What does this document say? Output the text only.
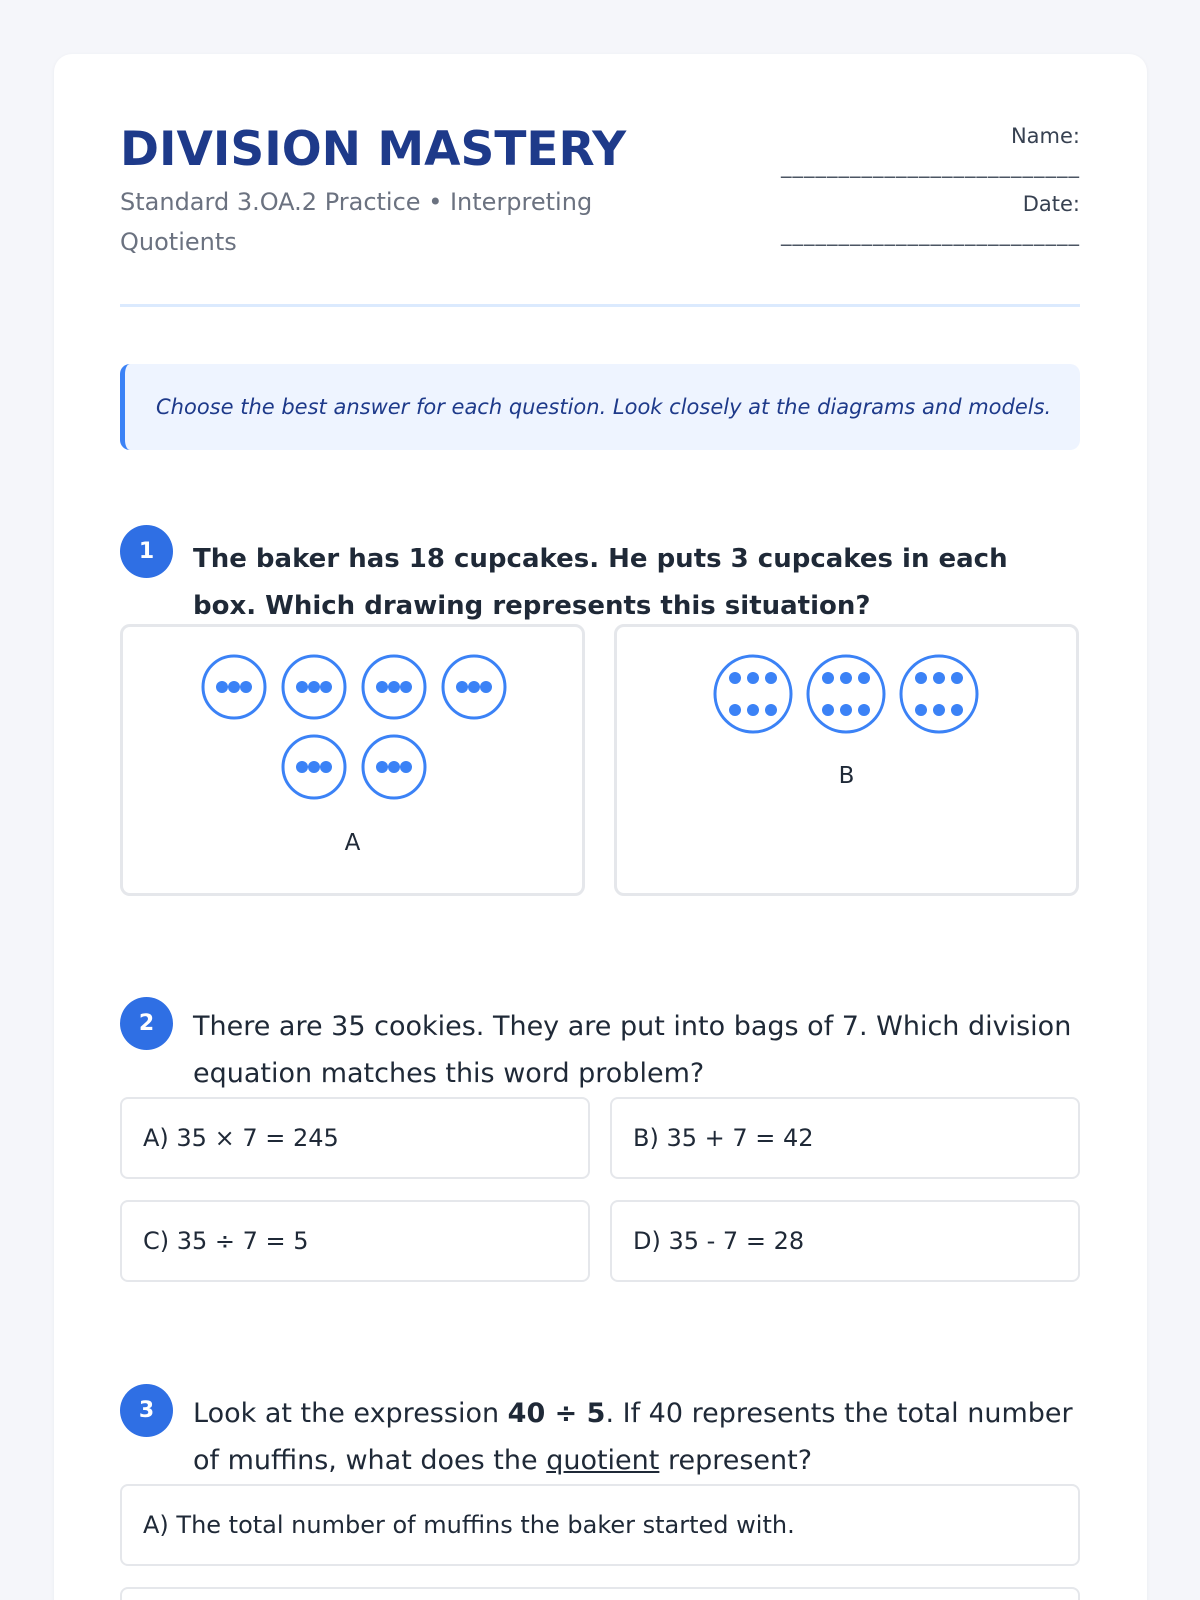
DIVISION MASTERY
Standard 3.OA.2 Practice • Interpreting Quotients
Name:
__________________________
Date:
__________________________
Choose the best answer for each question. Look closely at the diagrams and models.
1	The baker has 18 cupcakes. He puts 3 cupcakes in each box. Which drawing represents this situation?
A
B
2	There are 35 cookies. They are put into bags of 7. Which division equation matches this word problem?
A) 35 × 7 = 245	B) 35 + 7 = 42
C) 35 ÷ 7 = 5	D) 35 - 7 = 28
3	Look at the expression 40 ÷ 5. If 40 represents the total number of muffins, what does the quotient represent?
A) The total number of muffins the baker started with.
